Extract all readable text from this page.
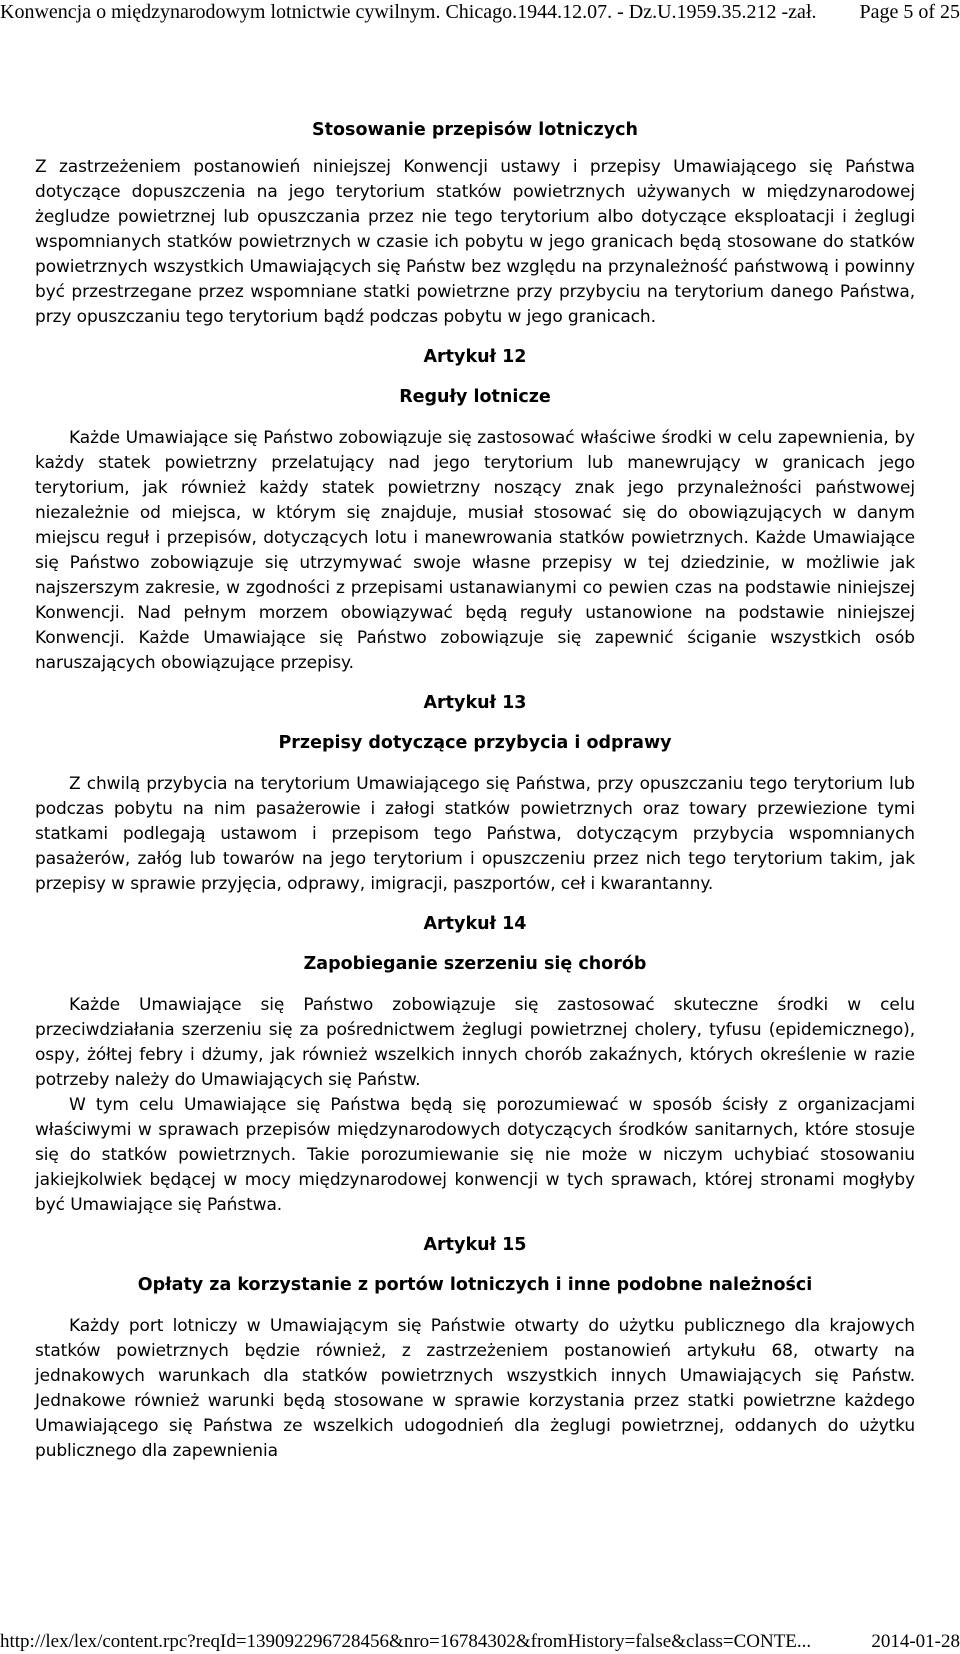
Konwencja o międzynarodowym lotnictwie cywilnym. Chicago.1944.12.07. - Dz.U.1959.35.212 -zał. Page 5 of 25
Stosowanie przepisów lotniczych

Z zastrzeżeniem postanowień niniejszej Konwencji ustawy i przepisy Umawiającego się Państwa dotyczące dopuszczenia na jego terytorium statków powietrznych używanych w międzynarodowej żegludze powietrznej lub opuszczania przez nie tego terytorium albo dotyczące eksploatacji i żeglugi wspomnianych statków powietrznych w czasie ich pobytu w jego granicach będą stosowane do statków powietrznych wszystkich Umawiających się Państw bez względu na przynależność państwową i powinny być przestrzegane przez wspomniane statki powietrzne przy przybyciu na terytorium danego Państwa, przy opuszczaniu tego terytorium bądź podczas pobytu w jego granicach.

Artykuł 12
Reguły lotnicze

Każde Umawiające się Państwo zobowiązuje się zastosować właściwe środki w celu zapewnienia, by każdy statek powietrzny przelatujący nad jego terytorium lub manewrujący w granicach jego terytorium, jak również każdy statek powietrzny noszący znak jego przynależności państwowej niezależnie od miejsca, w którym się znajduje, musiał stosować się do obowiązujących w danym miejscu reguł i przepisów, dotyczących lotu i manewrowania statków powietrznych. Każde Umawiające się Państwo zobowiązuje się utrzymywać swoje własne przepisy w tej dziedzinie, w możliwie jak najszerszym zakresie, w zgodności z przepisami ustanawianymi co pewien czas na podstawie niniejszej Konwencji. Nad pełnym morzem obowiązywać będą reguły ustanowione na podstawie niniejszej Konwencji. Każde Umawiające się Państwo zobowiązuje się zapewnić ściganie wszystkich osób naruszających obowiązujące przepisy.

Artykuł 13
Przepisy dotyczące przybycia i odprawy

Z chwilą przybycia na terytorium Umawiającego się Państwa, przy opuszczaniu tego terytorium lub podczas pobytu na nim pasażerowie i załogi statków powietrznych oraz towary przewiezione tymi statkami podlegają ustawom i przepisom tego Państwa, dotyczącym przybycia wspomnianych pasażerów, załóg lub towarów na jego terytorium i opuszczeniu przez nich tego terytorium takim, jak przepisy w sprawie przyjęcia, odprawy, imigracji, paszportów, ceł i kwarantanny.

Artykuł 14
Zapobieganie szerzeniu się chorób

Każde Umawiające się Państwo zobowiązuje się zastosować skuteczne środki w celu przeciwdziałania szerzeniu się za pośrednictwem żeglugi powietrznej cholery, tyfusu (epidemicznego), ospy, żółtej febry i dżumy, jak również wszelkich innych chorób zakaźnych, których określenie w razie potrzeby należy do Umawiających się Państw.

W tym celu Umawiające się Państwa będą się porozumiewać w sposób ścisły z organizacjami właściwymi w sprawach przepisów międzynarodowych dotyczących środków sanitarnych, które stosuje się do statków powietrznych. Takie porozumiewanie się nie może w niczym uchybiać stosowaniu jakiejkolwiek będącej w mocy międzynarodowej konwencji w tych sprawach, której stronami mogłyby być Umawiające się Państwa.

Artykuł 15
Opłaty za korzystanie z portów lotniczych i inne podobne należności

Każdy port lotniczy w Umawiającym się Państwie otwarty do użytku publicznego dla krajowych statków powietrznych będzie również, z zastrzeżeniem postanowień artykułu 68, otwarty na jednakowych warunkach dla statków powietrznych wszystkich innych Umawiających się Państw. Jednakowe również warunki będą stosowane w sprawie korzystania przez statki powietrzne każdego Umawiającego się Państwa ze wszelkich udogodnień dla żeglugi powietrznej, oddanych do użytku publicznego dla zapewnienia

http://lex/lex/content.rpc?reqId=139092296728456&nro=16784302&fromHistory=false&class=CONTE...	2014-01-28
